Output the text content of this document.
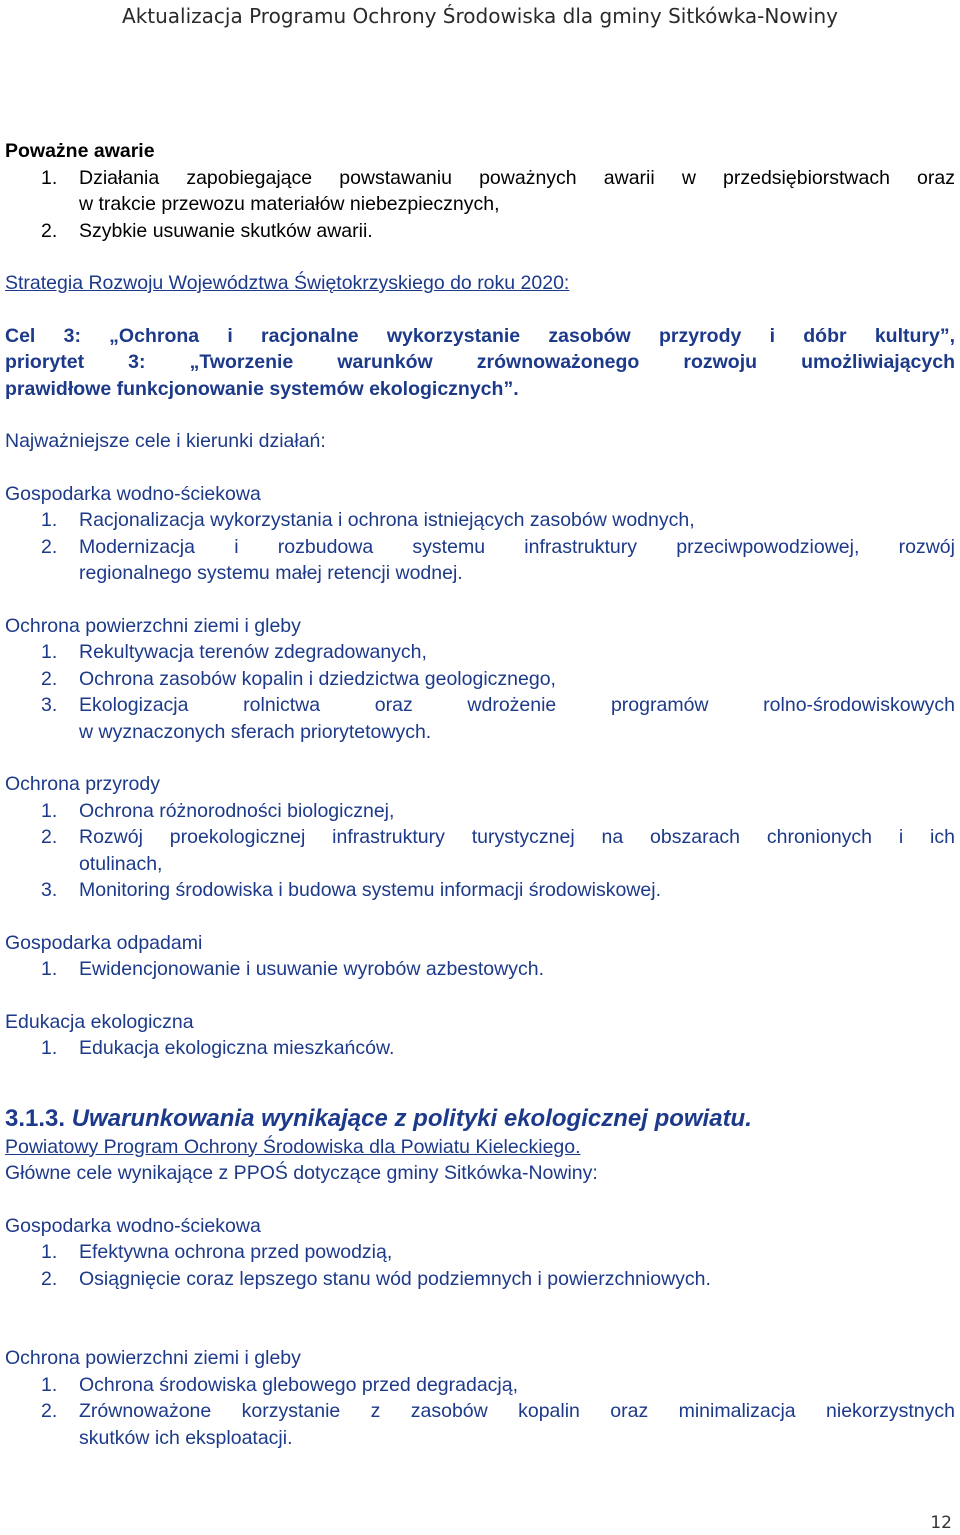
Aktualizacja Programu Ochrony Środowiska dla gminy Sitkówka-Nowiny
Poważne awarie
1. Działania zapobiegające powstawaniu poważnych awarii w przedsiębiorstwach oraz
w trakcie przewozu materiałów niebezpiecznych,
2. Szybkie usuwanie skutków awarii.
Strategia Rozwoju Województwa Świętokrzyskiego do roku 2020:
Cel 3: „Ochrona i racjonalne wykorzystanie zasobów przyrody i dóbr kultury”,
priorytet 3: „Tworzenie warunków zrównoważonego rozwoju umożliwiających
prawidłowe funkcjonowanie systemów ekologicznych”.
Najważniejsze cele i kierunki działań:
Gospodarka wodno-ściekowa
1. Racjonalizacja wykorzystania i ochrona istniejących zasobów wodnych,
2. Modernizacja i rozbudowa systemu infrastruktury przeciwpowodziowej, rozwój
regionalnego systemu małej retencji wodnej.
Ochrona powierzchni ziemi i gleby
1. Rekultywacja terenów zdegradowanych,
2. Ochrona zasobów kopalin i dziedzictwa geologicznego,
3. Ekologizacja rolnictwa oraz wdrożenie programów rolno-środowiskowych
w wyznaczonych sferach priorytetowych.
Ochrona przyrody
1. Ochrona różnorodności biologicznej,
2. Rozwój proekologicznej infrastruktury turystycznej na obszarach chronionych i ich
otulinach,
3. Monitoring środowiska i budowa systemu informacji środowiskowej.
Gospodarka odpadami
1. Ewidencjonowanie i usuwanie wyrobów azbestowych.
Edukacja ekologiczna
1. Edukacja ekologiczna mieszkańców.
3.1.3. Uwarunkowania wynikające z polityki ekologicznej powiatu.
Powiatowy Program Ochrony Środowiska dla Powiatu Kieleckiego.
Główne cele wynikające z PPOŚ dotyczące gminy Sitkówka-Nowiny:
Gospodarka wodno-ściekowa
1. Efektywna ochrona przed powodzią,
2. Osiągnięcie coraz lepszego stanu wód podziemnych i powierzchniowych.
Ochrona powierzchni ziemi i gleby
1. Ochrona środowiska glebowego przed degradacją,
2. Zrównoważone korzystanie z zasobów kopalin oraz minimalizacja niekorzystnych
skutków ich eksploatacji.
12
